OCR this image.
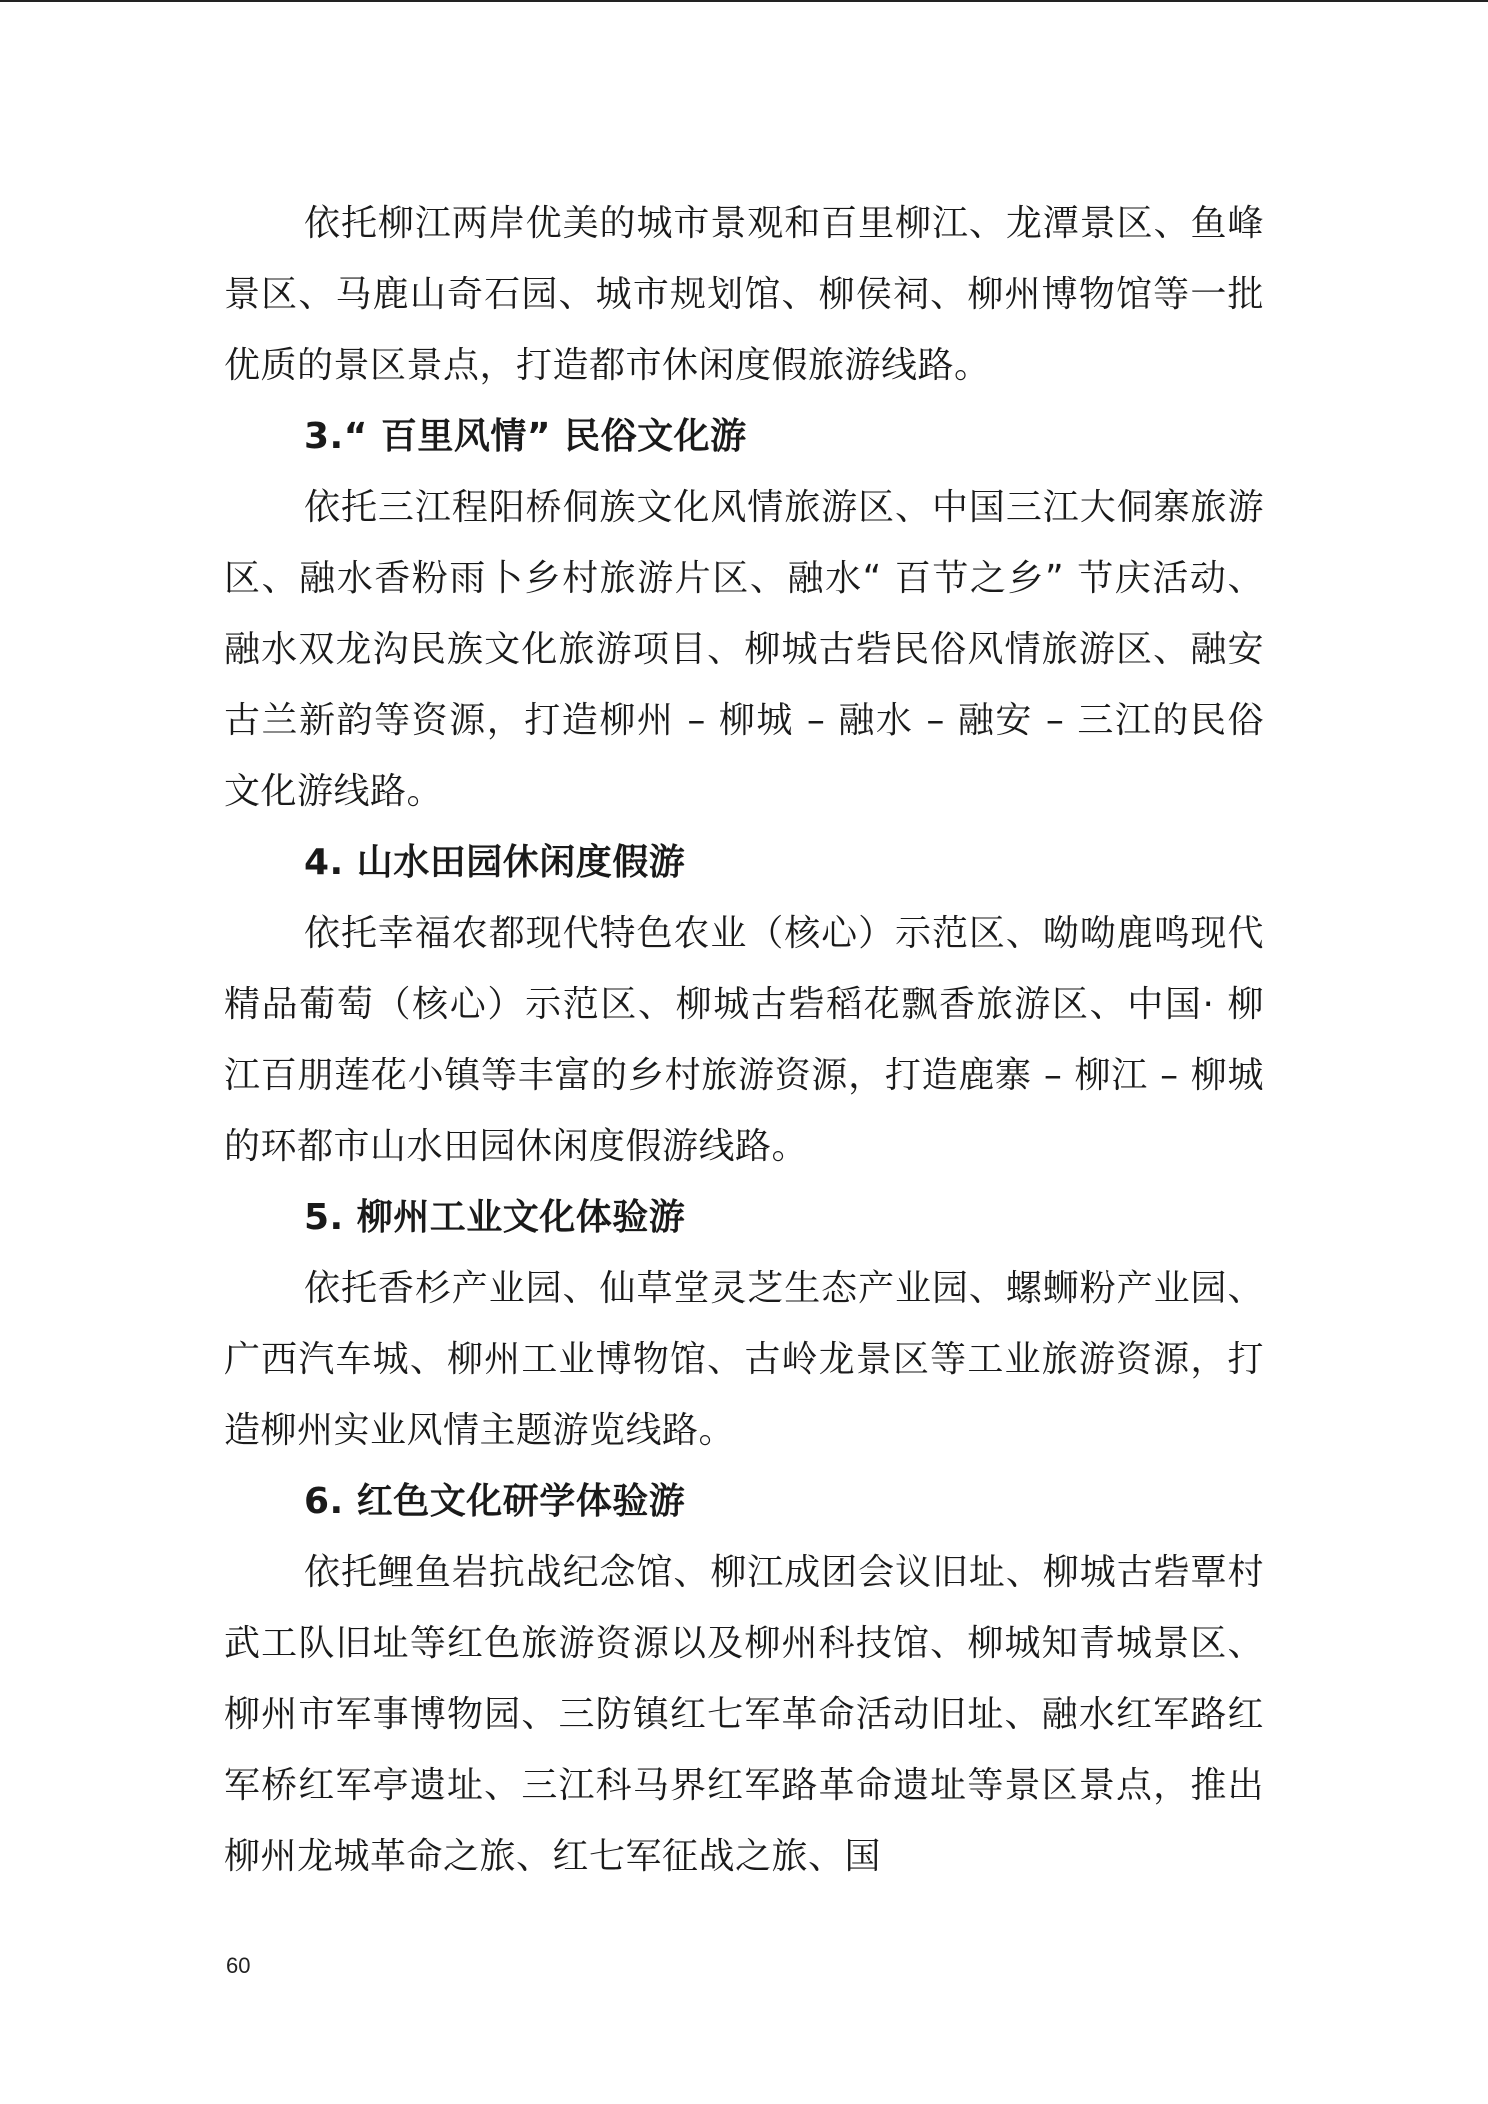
依托柳江两岸优美的城市景观和百里柳江、龙潭景区、鱼峰景区、马鹿山奇石园、城市规划馆、柳侯祠、柳州博物馆等一批优质的景区景点，打造都市休闲度假旅游线路。

3.“ 百里风情” 民俗文化游

依托三江程阳桥侗族文化风情旅游区、中国三江大侗寨旅游区、融水香粉雨卜乡村旅游片区、融水“ 百节之乡” 节庆活动、融水双龙沟民族文化旅游项目、柳城古砦民俗风情旅游区、融安古兰新韵等资源，打造柳州 – 柳城 – 融水 – 融安 – 三江的民俗文化游线路。

4. 山水田园休闲度假游

依托幸福农都现代特色农业（核心）示范区、呦呦鹿鸣现代精品葡萄（核心）示范区、柳城古砦稻花飘香旅游区、中国· 柳江百朋莲花小镇等丰富的乡村旅游资源，打造鹿寨 – 柳江 – 柳城的环都市山水田园休闲度假游线路。

5. 柳州工业文化体验游

依托香杉产业园、仙草堂灵芝生态产业园、螺蛳粉产业园、广西汽车城、柳州工业博物馆、古岭龙景区等工业旅游资源，打造柳州实业风情主题游览线路。

6. 红色文化研学体验游

依托鲤鱼岩抗战纪念馆、柳江成团会议旧址、柳城古砦覃村武工队旧址等红色旅游资源以及柳州科技馆、柳城知青城景区、柳州市军事博物园、三防镇红七军革命活动旧址、融水红军路红军桥红军亭遗址、三江科马界红军路革命遗址等景区景点，推出柳州龙城革命之旅、红七军征战之旅、国

60
